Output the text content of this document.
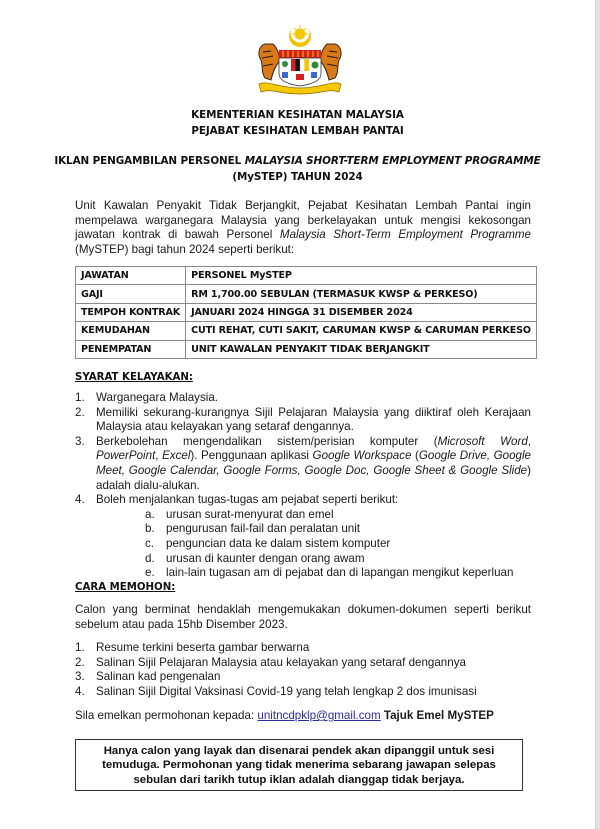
KEMENTERIAN KESIHATAN MALAYSIA
PEJABAT KESIHATAN LEMBAH PANTAI
IKLAN PENGAMBILAN PERSONEL MALAYSIA SHORT-TERM EMPLOYMENT PROGRAMME
(MySTEP) TAHUN 2024

Unit Kawalan Penyakit Tidak Berjangkit, Pejabat Kesihatan Lembah Pantai ingin mempelawa warganegara Malaysia yang berkelayakan untuk mengisi kekosongan jawatan kontrak di bawah Personel Malaysia Short-Term Employment Programme (MySTEP) bagi tahun 2024 seperti berikut:

JAWATAN	PERSONEL MySTEP
GAJI	RM 1,700.00 SEBULAN (TERMASUK KWSP & PERKESO)
TEMPOH KONTRAK	JANUARI 2024 HINGGA 31 DISEMBER 2024
KEMUDAHAN	CUTI REHAT, CUTI SAKIT, CARUMAN KWSP & CARUMAN PERKESO
PENEMPATAN	UNIT KAWALAN PENYAKIT TIDAK BERJANGKIT
SYARAT KELAYAKAN:
1. Warganegara Malaysia.
2. Memiliki sekurang-kurangnya Sijil Pelajaran Malaysia yang diiktiraf oleh Kerajaan Malaysia atau kelayakan yang setaraf dengannya.
3. Berkebolehan mengendalikan sistem/perisian komputer (Microsoft Word, PowerPoint, Excel). Penggunaan aplikasi Google Workspace (Google Drive, Google Meet, Google Calendar, Google Forms, Google Doc, Google Sheet & Google Slide) adalah dialu-alukan.
4. Boleh menjalankan tugas-tugas am pejabat seperti berikut:
a. urusan surat-menyurat dan emel
b. pengurusan fail-fail dan peralatan unit
c. penguncian data ke dalam sistem komputer
d. urusan di kaunter dengan orang awam
e. lain-lain tugasan am di pejabat dan di lapangan mengikut keperluan
CARA MEMOHON:

Calon yang berminat hendaklah mengemukakan dokumen-dokumen seperti berikut sebelum atau pada 15hb Disember 2023.

1. Resume terkini beserta gambar berwarna
2. Salinan Sijil Pelajaran Malaysia atau kelayakan yang setaraf dengannya
3. Salinan kad pengenalan
4. Salinan Sijil Digital Vaksinasi Covid-19 yang telah lengkap 2 dos imunisasi
Sila emelkan permohonan kepada: unitncdpklp@gmail.com Tajuk Emel MySTEP
Hanya calon yang layak dan disenarai pendek akan dipanggil untuk sesi temuduga. Permohonan yang tidak menerima sebarang jawapan selepas sebulan dari tarikh tutup iklan adalah dianggap tidak berjaya.
